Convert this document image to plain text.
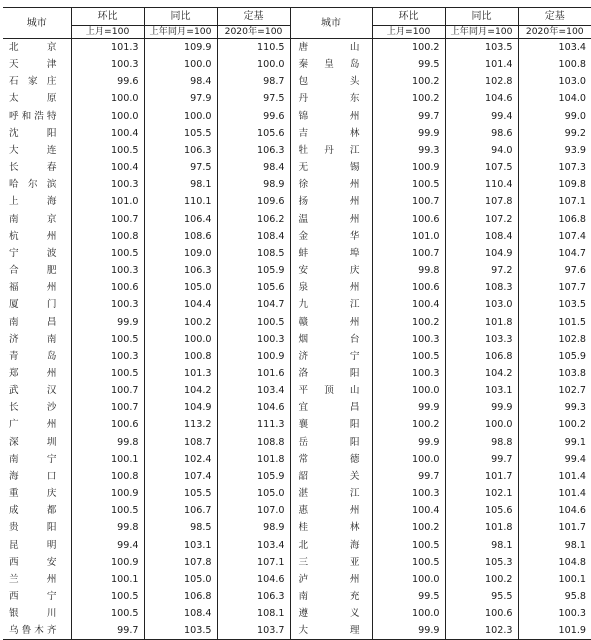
城市	环比	同比	定基	城市	环比	同比	定基
	上月=100	上年同月=100	2020年=100		上月=100	上年同月=100	2020年=100
北京	101.3	109.9	110.5	唐山	100.2	103.5	103.4
天津	100.3	100.0	100.0	秦皇岛	99.5	101.4	100.8
石家庄	99.6	98.4	98.7	包头	100.2	102.8	103.0
太原	100.0	97.9	97.5	丹东	100.2	104.6	104.0
呼和浩特	100.0	100.0	99.6	锦州	99.7	99.4	99.0
沈阳	100.4	105.5	105.6	吉林	99.9	98.6	99.2
大连	100.5	106.3	106.3	牡丹江	99.3	94.0	93.9
长春	100.4	97.5	98.4	无锡	100.9	107.5	107.3
哈尔滨	100.3	98.1	98.9	徐州	100.5	110.4	109.8
上海	101.0	110.1	109.6	扬州	100.7	107.8	107.1
南京	100.7	106.4	106.2	温州	100.6	107.2	106.8
杭州	100.8	108.6	108.4	金华	101.0	108.4	107.4
宁波	100.5	109.0	108.5	蚌埠	100.7	104.9	104.7
合肥	100.3	106.3	105.9	安庆	99.8	97.2	97.6
福州	100.6	105.0	105.6	泉州	100.6	108.3	107.7
厦门	100.3	104.4	104.7	九江	100.4	103.0	103.5
南昌	99.9	100.2	100.5	赣州	100.2	101.8	101.5
济南	100.5	100.0	100.3	烟台	100.3	103.3	102.8
青岛	100.3	100.8	100.9	济宁	100.5	106.8	105.9
郑州	100.5	101.3	101.6	洛阳	100.3	104.2	103.8
武汉	100.7	104.2	103.4	平顶山	100.0	103.1	102.7
长沙	100.7	104.9	104.6	宜昌	99.9	99.9	99.3
广州	100.6	113.2	111.3	襄阳	100.2	100.0	100.2
深圳	99.8	108.7	108.8	岳阳	99.9	98.8	99.1
南宁	100.1	102.4	101.8	常德	100.0	99.7	99.4
海口	100.8	107.4	105.9	韶关	99.7	101.7	101.4
重庆	100.9	105.5	105.0	湛江	100.3	102.1	101.4
成都	100.5	106.7	107.0	惠州	100.4	105.6	104.6
贵阳	99.8	98.5	98.9	桂林	100.2	101.8	101.7
昆明	99.4	103.1	103.4	北海	100.5	98.1	98.1
西安	100.9	107.8	107.1	三亚	100.5	105.3	104.8
兰州	100.1	105.0	104.6	泸州	100.0	100.2	100.1
西宁	100.5	106.8	106.3	南充	99.5	95.5	95.8
银川	100.5	108.4	108.1	遵义	100.0	100.6	100.3
乌鲁木齐	99.7	103.5	103.7	大理	99.9	102.3	101.9
